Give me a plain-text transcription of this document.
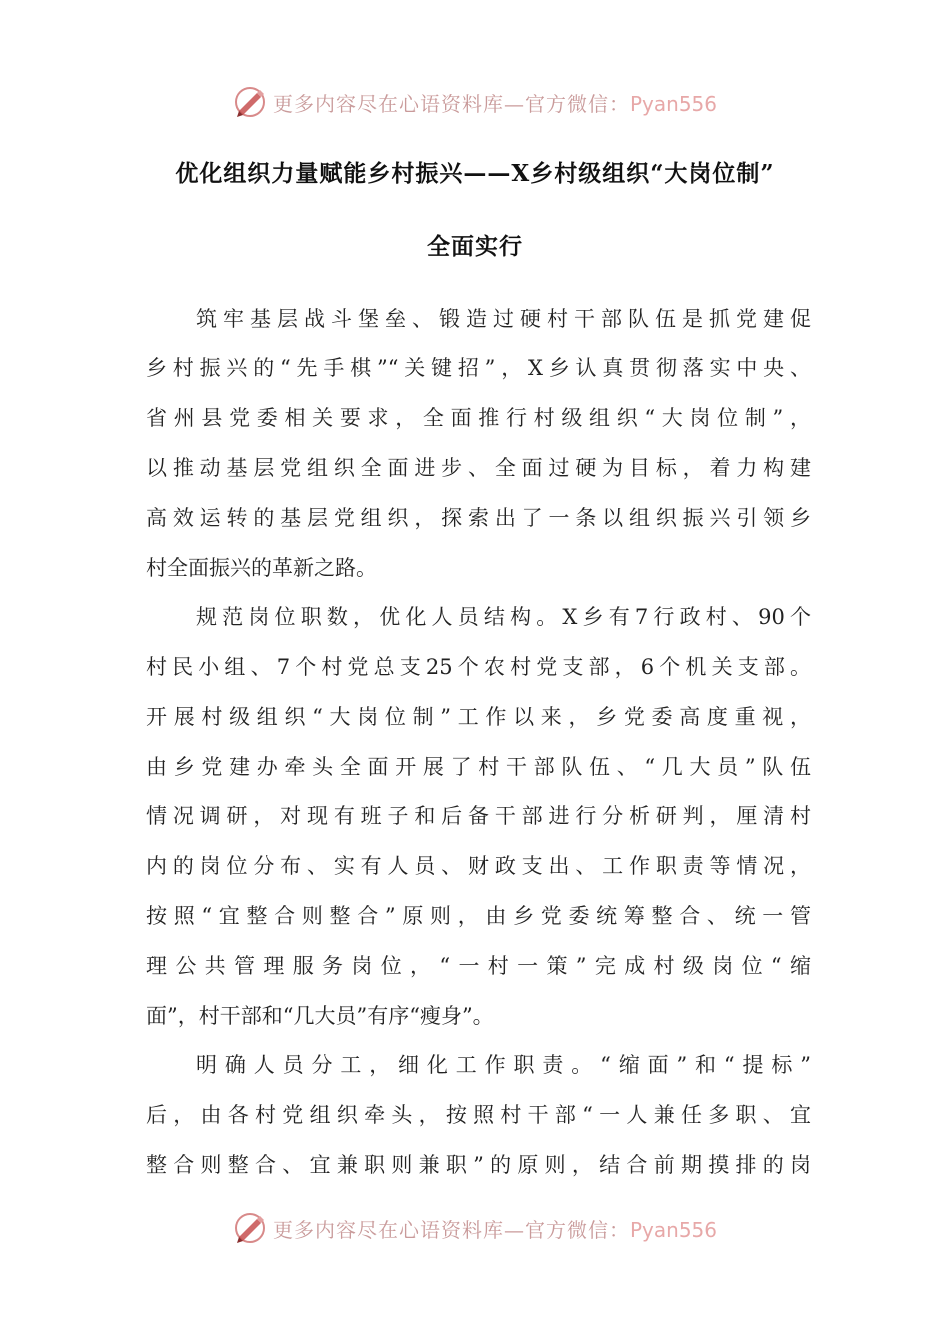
更多内容尽在心语资料库—官方微信：Pyan556
优化组织力量赋能乡村振兴——X乡村级组织“大岗位制”
全面实行
筑牢基层战斗堡垒、锻造过硬村干部队伍是抓党建促
乡村振兴的“先手棋”“关键招”，X乡认真贯彻落实中央、
省州县党委相关要求，全面推行村级组织“大岗位制”，
以推动基层党组织全面进步、全面过硬为目标，着力构建
高效运转的基层党组织，探索出了一条以组织振兴引领乡
村全面振兴的革新之路。
规范岗位职数，优化人员结构。X乡有7行政村、90个
村民小组、7个村党总支25个农村党支部，6个机关支部。
开展村级组织“大岗位制”工作以来，乡党委高度重视，
由乡党建办牵头全面开展了村干部队伍、“几大员”队伍
情况调研，对现有班子和后备干部进行分析研判，厘清村
内的岗位分布、实有人员、财政支出、工作职责等情况，
按照“宜整合则整合”原则，由乡党委统筹整合、统一管
理公共管理服务岗位，“一村一策”完成村级岗位“缩
面”，村干部和“几大员”有序“瘦身”。
明确人员分工，细化工作职责。“缩面”和“提标”
后，由各村党组织牵头，按照村干部“一人兼任多职、宜
整合则整合、宜兼职则兼职”的原则，结合前期摸排的岗
更多内容尽在心语资料库—官方微信：Pyan556
